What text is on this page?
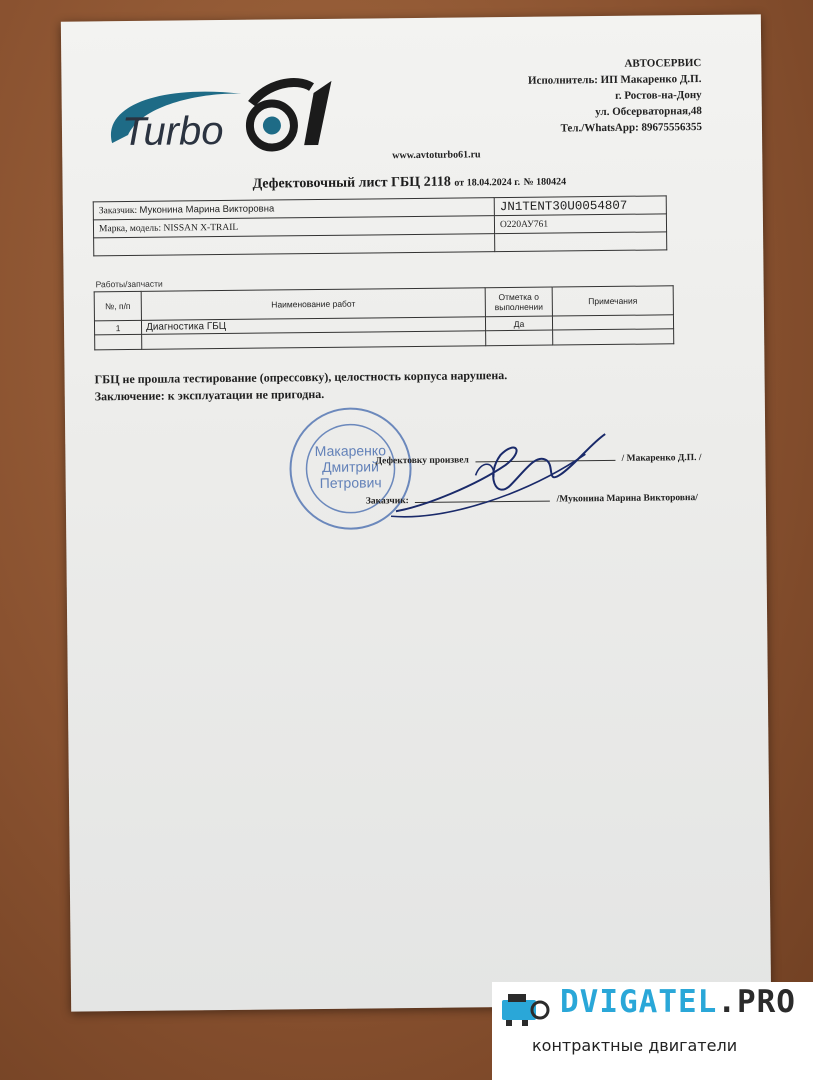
Turbo
АВТОСЕРВИС
Исполнитель: ИП Макаренко Д.П.
г. Ростов-на-Дону
ул. Обсерваторная,48
Тел./WhatsApp: 89675556355
www.avtoturbo61.ru
Дефектовочный лист ГБЦ 2118 от 18.04.2024 г. № 180424
Заказчик: Муконина Марина Викторовна	JN1TENT30U0054807
Марка, модель: NISSAN X-TRAIL	О220АУ761

Работы/запчасти
№, п/п	Наименование работ	Отметка о выполнении	Примечания
1	Диагностика ГБЦ	Да	

ГБЦ не прошла тестирование (опрессовку), целостность корпуса нарушена.
Заключение: к эксплуатации не пригодна.
Макаренко
Дмитрий
Петрович
Дефектовку произвел	/ Макаренко Д.П. /
Заказчик:	/Муконина Марина Викторовна/
DVIGATEL.PRO
контрактные двигатели
